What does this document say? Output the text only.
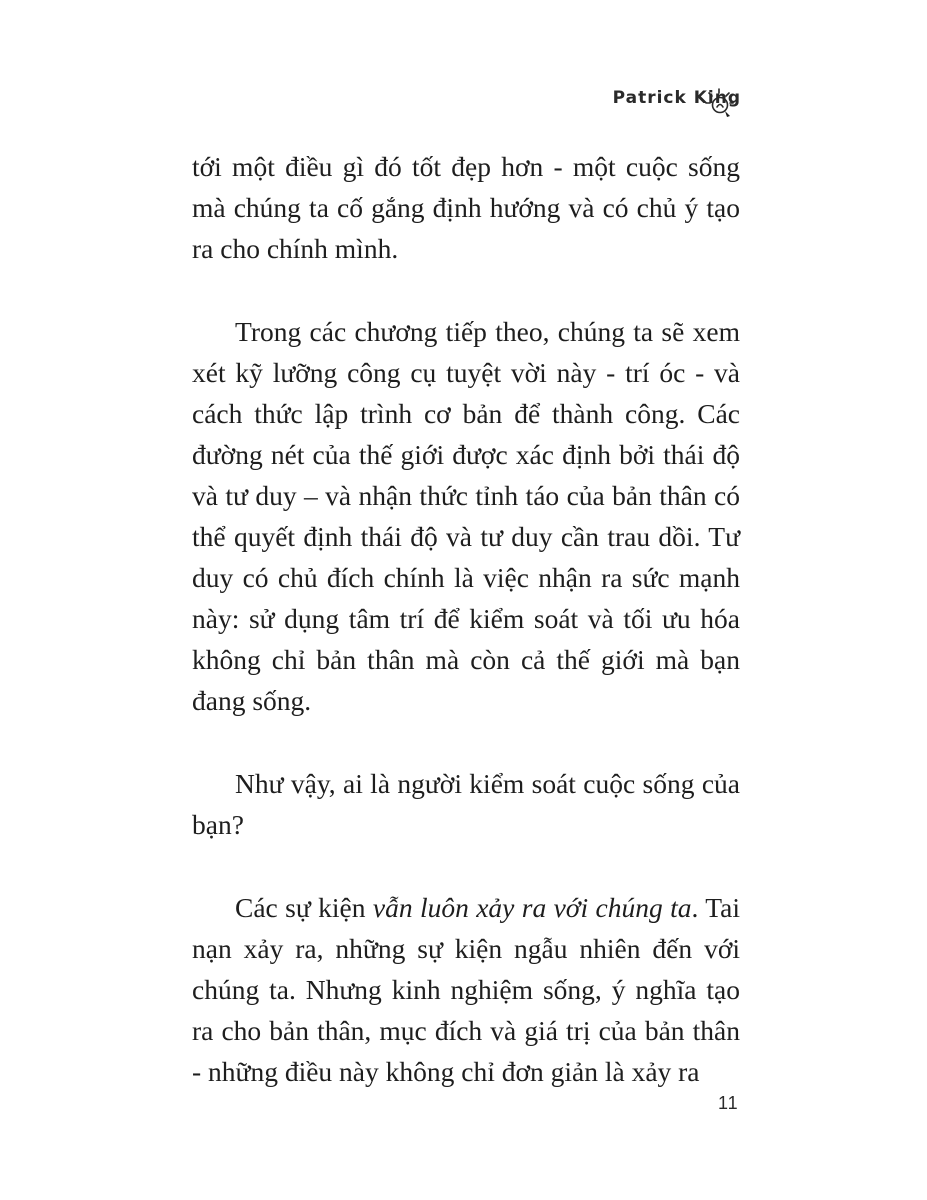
Patrick King

tới một điều gì đó tốt đẹp hơn - một cuộc sống mà chúng ta cố gắng định hướng và có chủ ý tạo ra cho chính mình.

Trong các chương tiếp theo, chúng ta sẽ xem xét kỹ lưỡng công cụ tuyệt vời này - trí óc - và cách thức lập trình cơ bản để thành công. Các đường nét của thế giới được xác định bởi thái độ và tư duy – và nhận thức tỉnh táo của bản thân có thể quyết định thái độ và tư duy cần trau dồi. Tư duy có chủ đích chính là việc nhận ra sức mạnh này: sử dụng tâm trí để kiểm soát và tối ưu hóa không chỉ bản thân mà còn cả thế giới mà bạn đang sống.

Như vậy, ai là người kiểm soát cuộc sống của bạn?

Các sự kiện vẫn luôn xảy ra với chúng ta. Tai nạn xảy ra, những sự kiện ngẫu nhiên đến với chúng ta. Nhưng kinh nghiệm sống, ý nghĩa tạo ra cho bản thân, mục đích và giá trị của bản thân - những điều này không chỉ đơn giản là xảy ra

11
